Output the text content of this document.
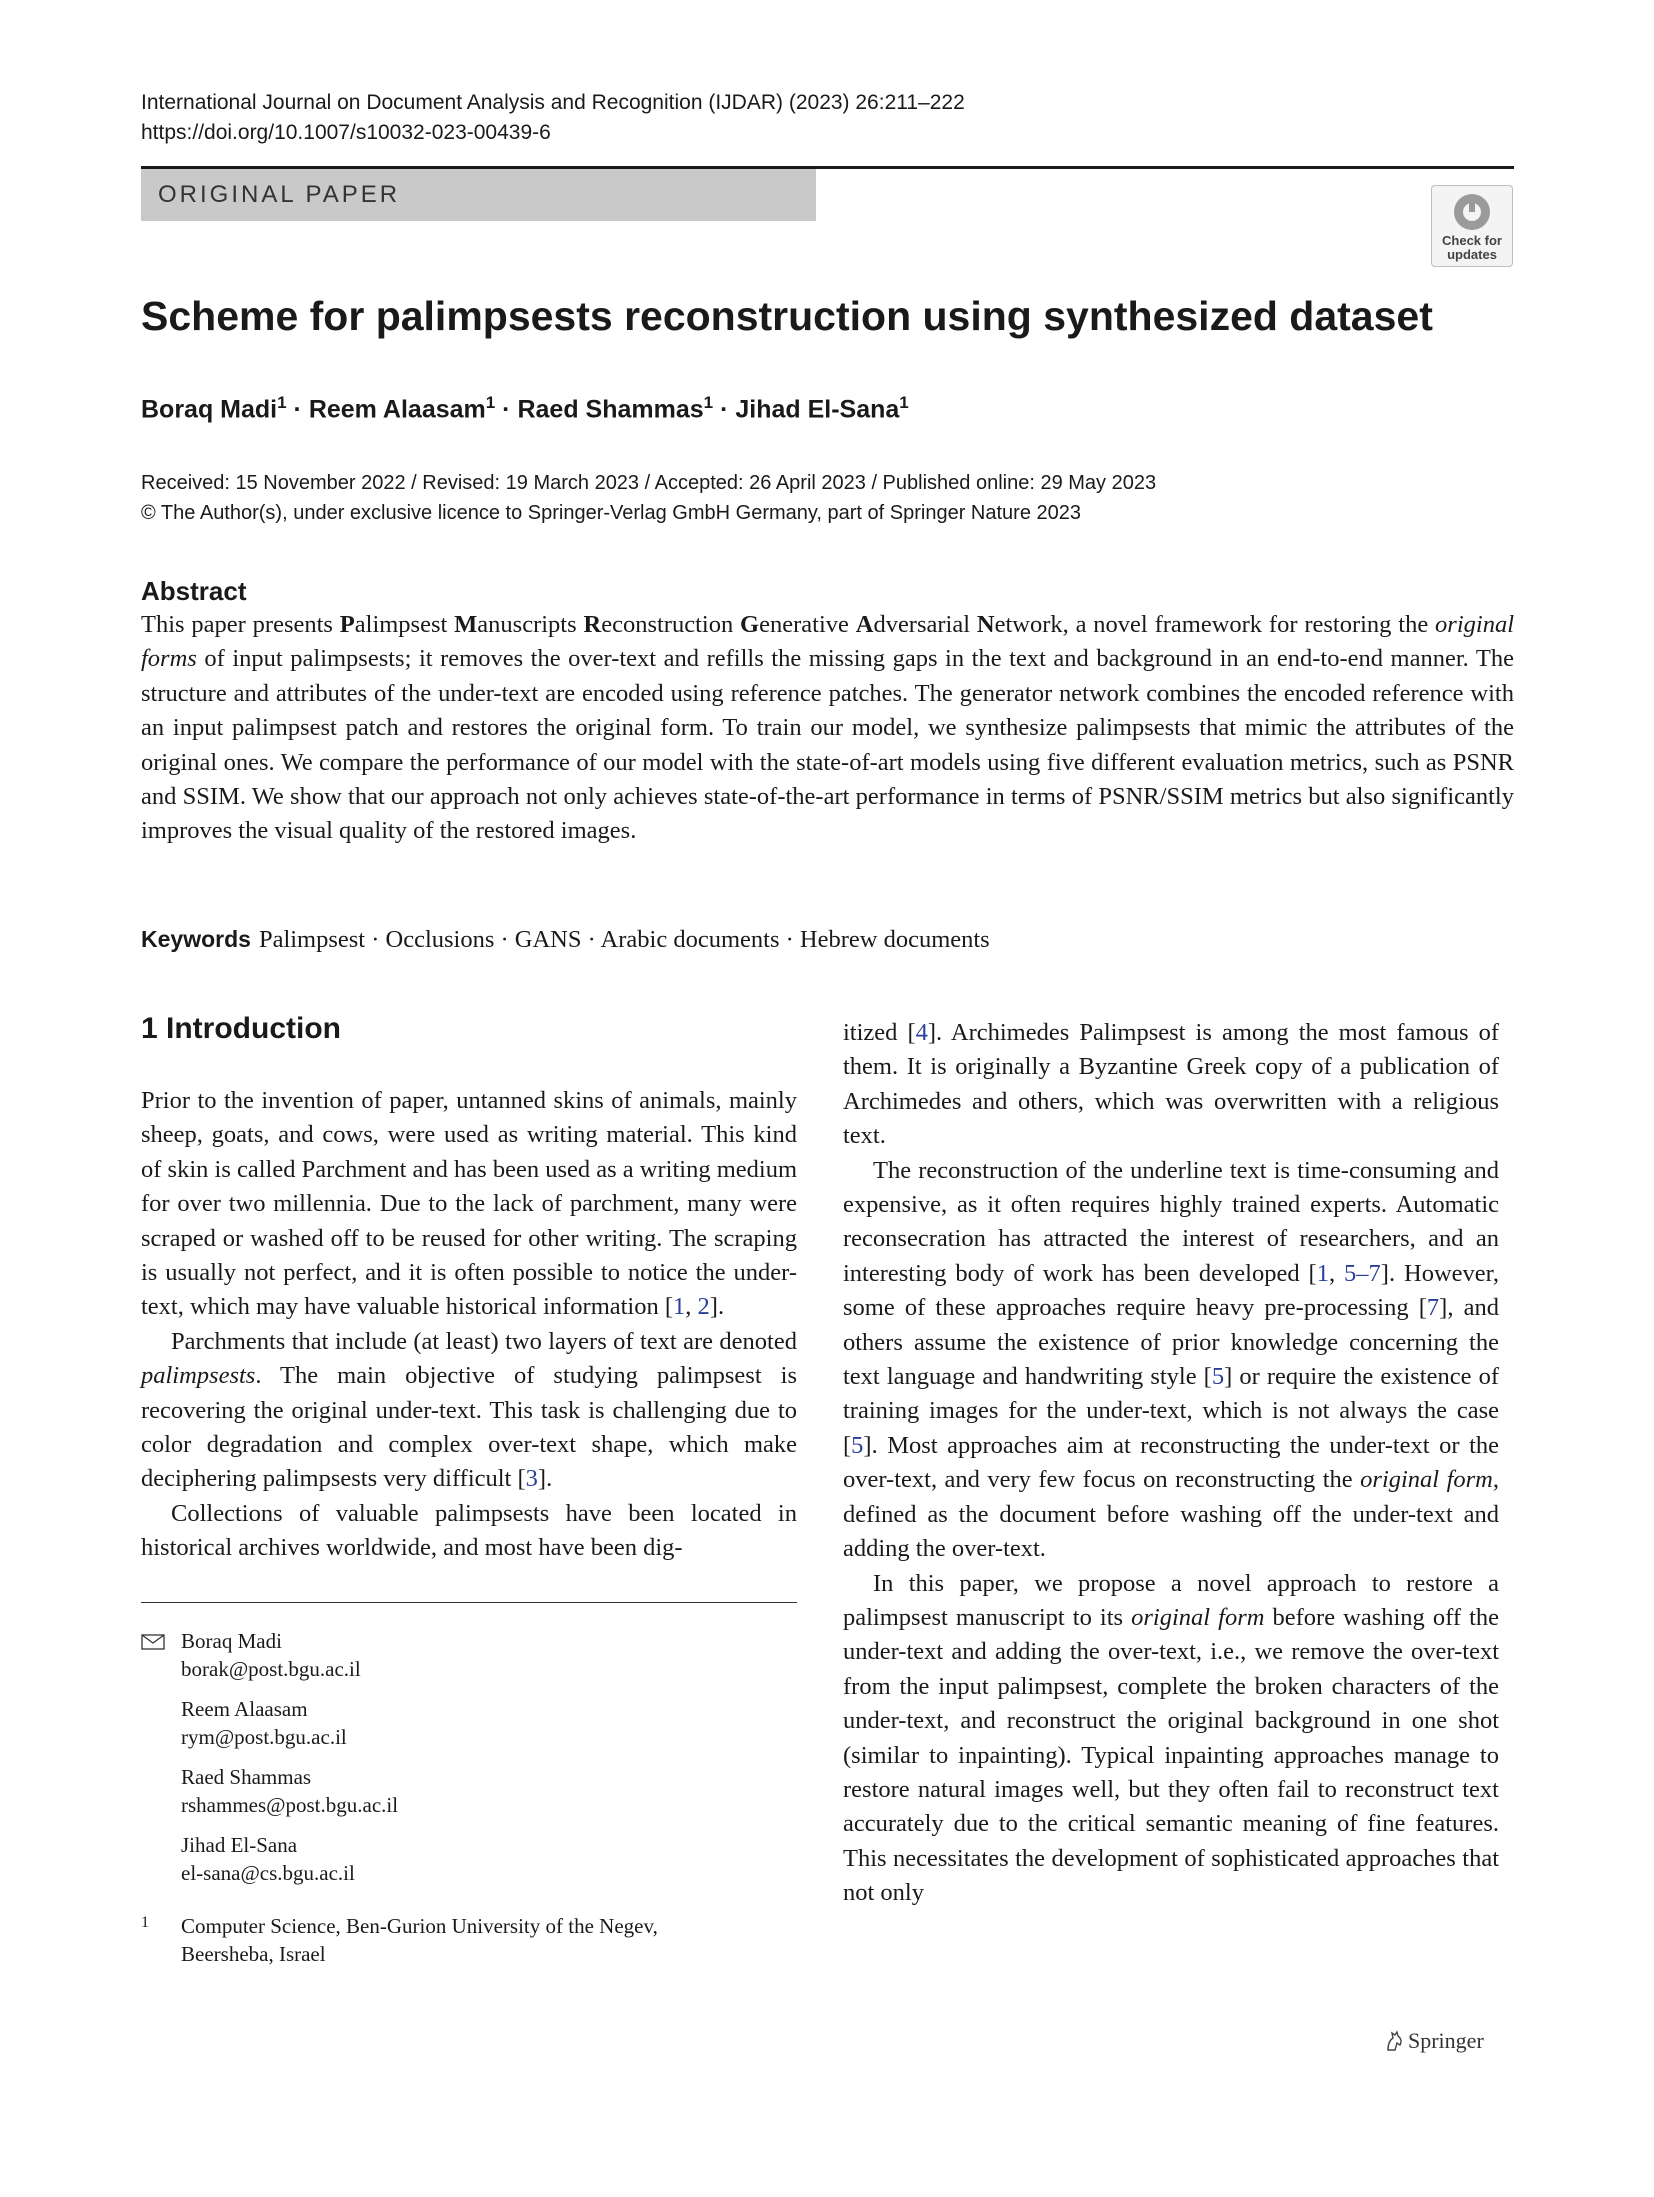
International Journal on Document Analysis and Recognition (IJDAR) (2023) 26:211–222
https://doi.org/10.1007/s10032-023-00439-6
ORIGINAL PAPER
Check for
updates
Scheme for palimpsests reconstruction using synthesized dataset
Boraq Madi$^1$ · Reem Alaasam$^1$ · Raed Shammas$^1$ · Jihad El-Sana$^1$
Received: 15 November 2022 / Revised: 19 March 2023 / Accepted: 26 April 2023 / Published online: 29 May 2023
© The Author(s), under exclusive licence to Springer-Verlag GmbH Germany, part of Springer Nature 2023
Abstract
This paper presents Palimpsest Manuscripts Reconstruction Generative Adversarial Network, a novel framework for restoring the original forms of input palimpsests; it removes the over-text and refills the missing gaps in the text and background in an end-to-end manner. The structure and attributes of the under-text are encoded using reference patches. The generator network combines the encoded reference with an input palimpsest patch and restores the original form. To train our model, we synthesize palimpsests that mimic the attributes of the original ones. We compare the performance of our model with the state-of-art models using five different evaluation metrics, such as PSNR and SSIM. We show that our approach not only achieves state-of-the-art performance in terms of PSNR/SSIM metrics but also significantly improves the visual quality of the restored images.
Keywords Palimpsest · Occlusions · GANS · Arabic documents · Hebrew documents
1 Introduction

Prior to the invention of paper, untanned skins of animals, mainly sheep, goats, and cows, were used as writing material. This kind of skin is called Parchment and has been used as a writing medium for over two millennia. Due to the lack of parchment, many were scraped or washed off to be reused for other writing. The scraping is usually not perfect, and it is often possible to notice the under-text, which may have valuable historical information [1, 2].

Parchments that include (at least) two layers of text are denoted palimpsests. The main objective of studying palimpsest is recovering the original under-text. This task is challenging due to color degradation and complex over-text shape, which make deciphering palimpsests very difficult [3].

Collections of valuable palimpsests have been located in historical archives worldwide, and most have been dig-

itized [4]. Archimedes Palimpsest is among the most famous of them. It is originally a Byzantine Greek copy of a publication of Archimedes and others, which was overwritten with a religious text.

The reconstruction of the underline text is time-consuming and expensive, as it often requires highly trained experts. Automatic reconsecration has attracted the interest of researchers, and an interesting body of work has been developed [1, 5–7]. However, some of these approaches require heavy pre-processing [7], and others assume the existence of prior knowledge concerning the text language and handwriting style [5] or require the existence of training images for the under-text, which is not always the case [5]. Most approaches aim at reconstructing the under-text or the over-text, and very few focus on reconstructing the original form, defined as the document before washing off the under-text and adding the over-text.

In this paper, we propose a novel approach to restore a palimpsest manuscript to its original form before washing off the under-text and adding the over-text, i.e., we remove the over-text from the input palimpsest, complete the broken characters of the under-text, and reconstruct the original background in one shot (similar to inpainting). Typical inpainting approaches manage to restore natural images well, but they often fail to reconstruct text accurately due to the critical semantic meaning of fine features. This necessitates the development of sophisticated approaches that not only

Boraq Madi
borak@post.bgu.ac.il
Reem Alaasam
rym@post.bgu.ac.il
Raed Shammas
rshammes@post.bgu.ac.il
Jihad El-Sana
el-sana@cs.bgu.ac.il
1 Computer Science, Ben-Gurion University of the Negev,
Beersheba, Israel
Springer
